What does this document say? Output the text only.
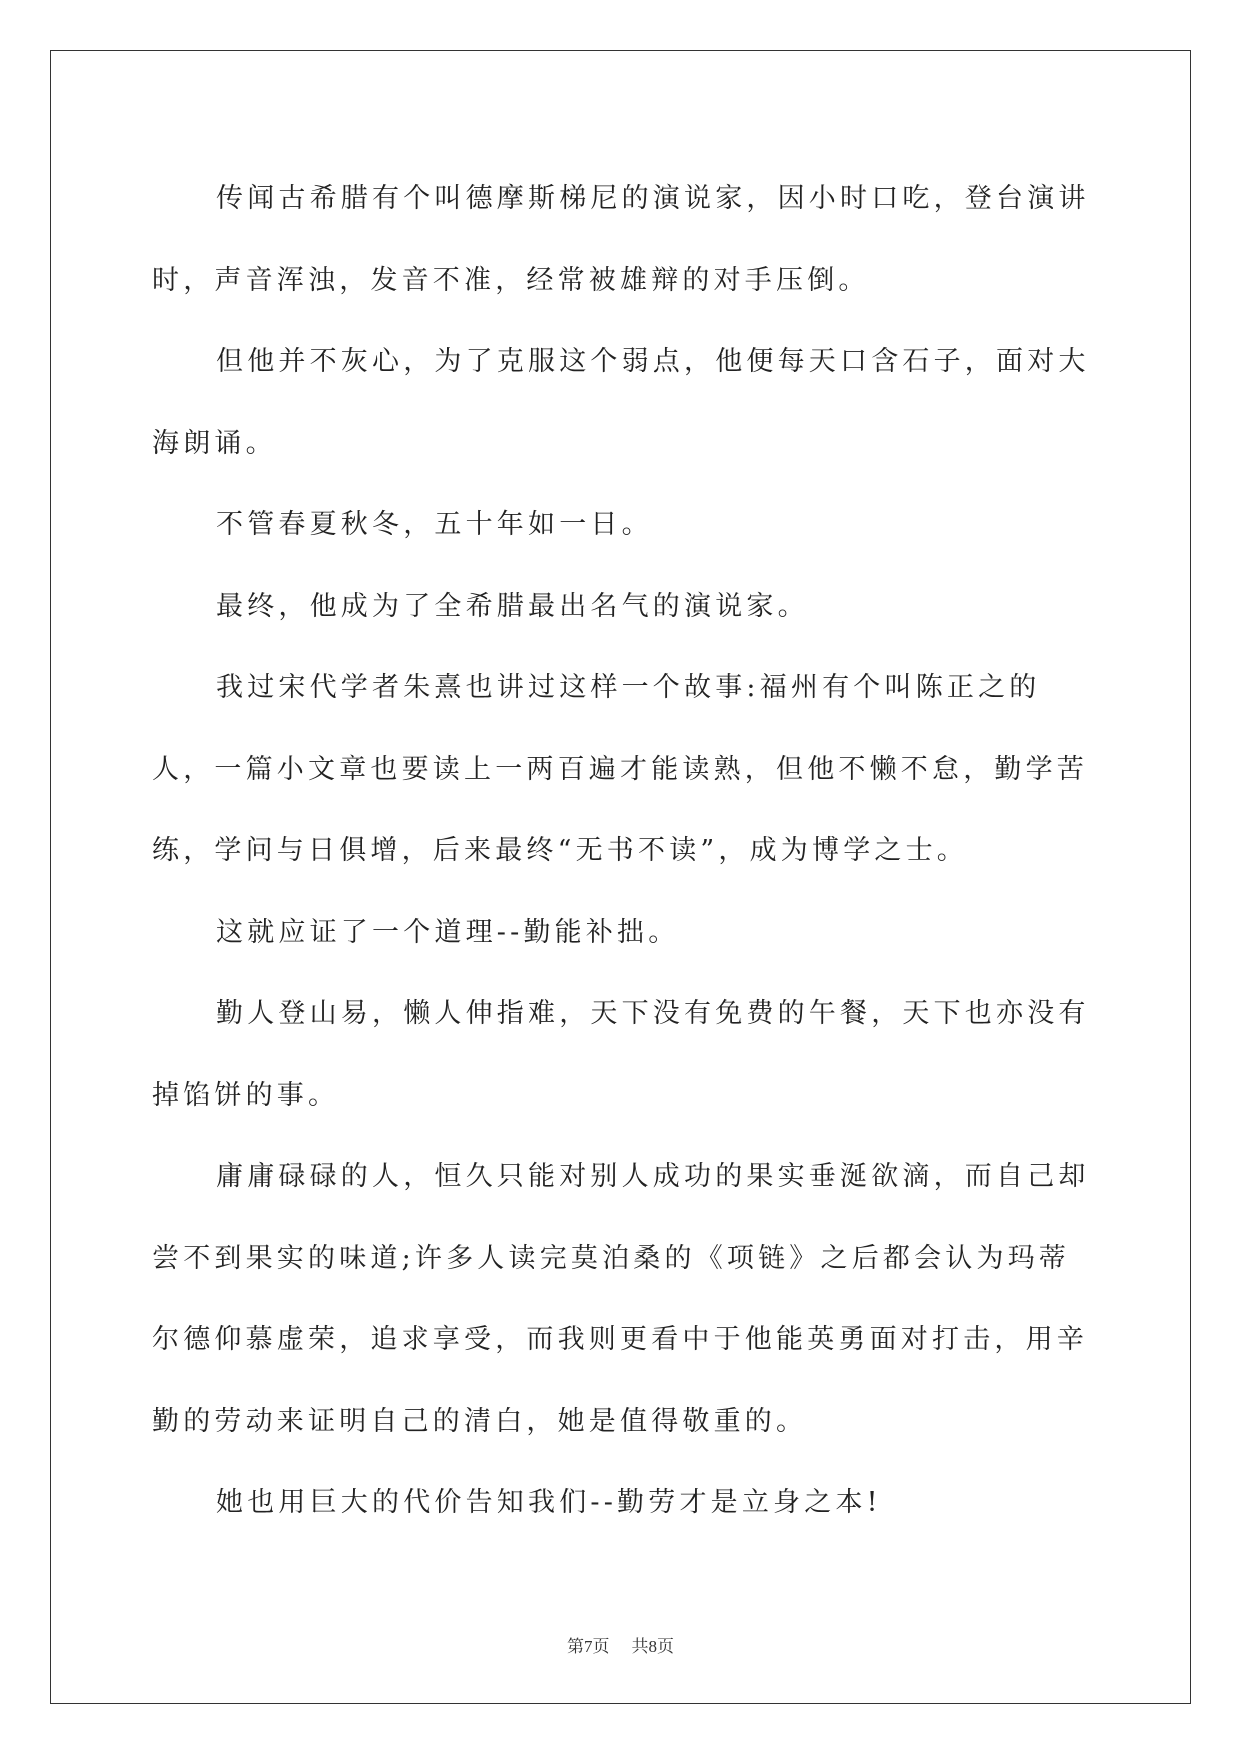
传闻古希腊有个叫德摩斯梯尼的演说家，因小时口吃，登台演讲时，声音浑浊，发音不准，经常被雄辩的对手压倒。

但他并不灰心，为了克服这个弱点，他便每天口含石子，面对大海朗诵。

不管春夏秋冬，五十年如一日。

最终，他成为了全希腊最出名气的演说家。

我过宋代学者朱熹也讲过这样一个故事:福州有个叫陈正之的人，一篇小文章也要读上一两百遍才能读熟，但他不懒不怠，勤学苦练，学问与日俱增，后来最终“无书不读”，成为博学之士。

这就应证了一个道理--勤能补拙。

勤人登山易，懒人伸指难，天下没有免费的午餐，天下也亦没有掉馅饼的事。

庸庸碌碌的人，恒久只能对别人成功的果实垂涎欲滴，而自己却尝不到果实的味道;许多人读完莫泊桑的《项链》之后都会认为玛蒂尔德仰慕虚荣，追求享受，而我则更看中于他能英勇面对打击，用辛勤的劳动来证明自己的清白，她是值得敬重的。

她也用巨大的代价告知我们--勤劳才是立身之本!

第7页 共8页
